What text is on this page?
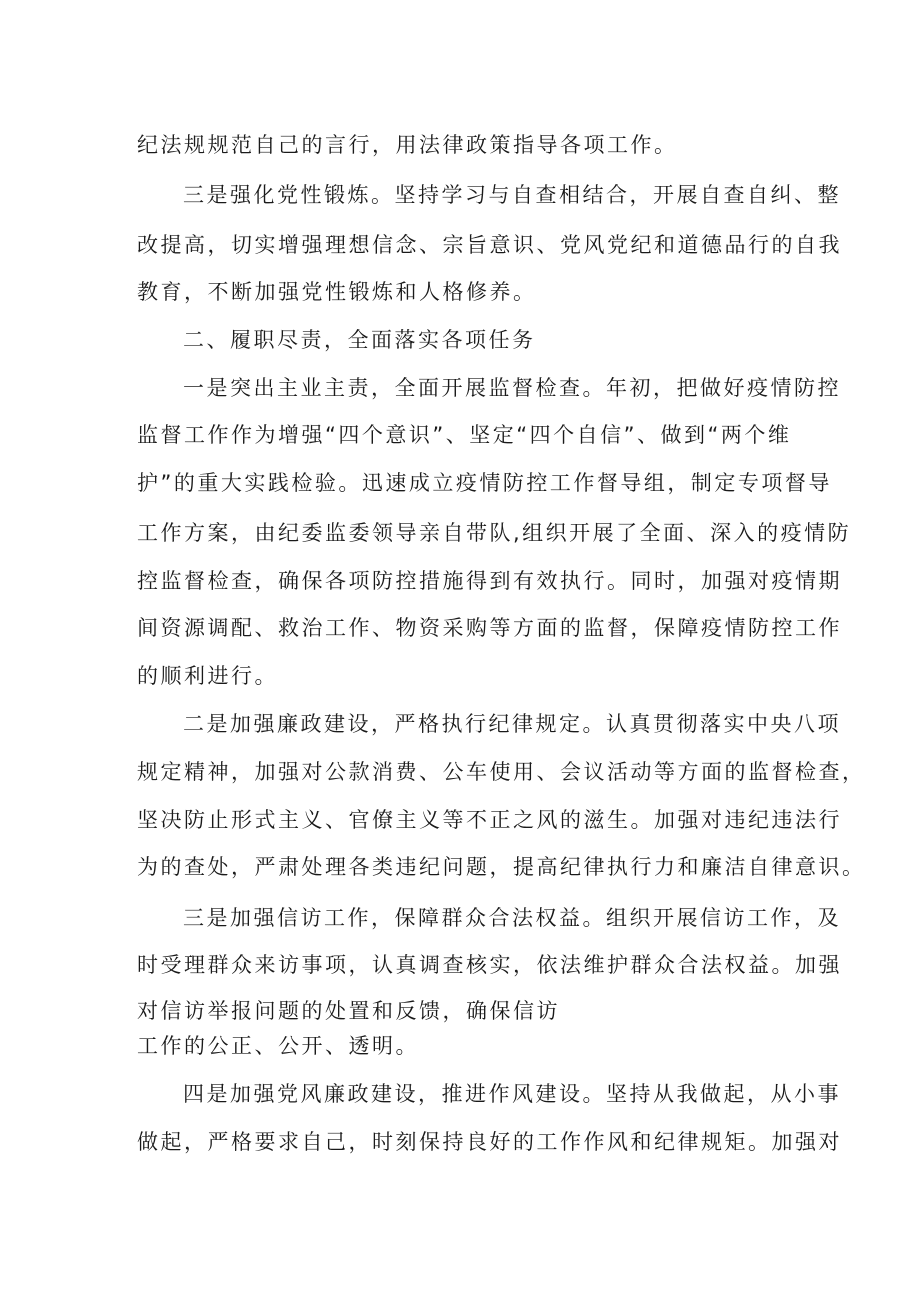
纪法规规范自己的言行，用法律政策指导各项工作。

三是强化党性锻炼。坚持学习与自查相结合，开展自查自纠、整

改提高，切实增强理想信念、宗旨意识、党风党纪和道德品行的自我

教育，不断加强党性锻炼和人格修养。

二、履职尽责，全面落实各项任务

一是突出主业主责，全面开展监督检查。年初，把做好疫情防控

监督工作作为增强“四个意识”、坚定“四个自信”、做到“两个维

护”的重大实践检验。迅速成立疫情防控工作督导组，制定专项督导

工作方案，由纪委监委领导亲自带队,组织开展了全面、深入的疫情防

控监督检查，确保各项防控措施得到有效执行。同时，加强对疫情期

间资源调配、救治工作、物资采购等方面的监督，保障疫情防控工作

的顺利进行。

二是加强廉政建设，严格执行纪律规定。认真贯彻落实中央八项

规定精神，加强对公款消费、公车使用、会议活动等方面的监督检查，

坚决防止形式主义、官僚主义等不正之风的滋生。加强对违纪违法行

为的查处，严肃处理各类违纪问题，提高纪律执行力和廉洁自律意识。

三是加强信访工作，保障群众合法权益。组织开展信访工作，及

时受理群众来访事项，认真调查核实，依法维护群众合法权益。加强

对信访举报问题的处置和反馈，确保信访

工作的公正、公开、透明。

四是加强党风廉政建设，推进作风建设。坚持从我做起，从小事

做起，严格要求自己，时刻保持良好的工作作风和纪律规矩。加强对
